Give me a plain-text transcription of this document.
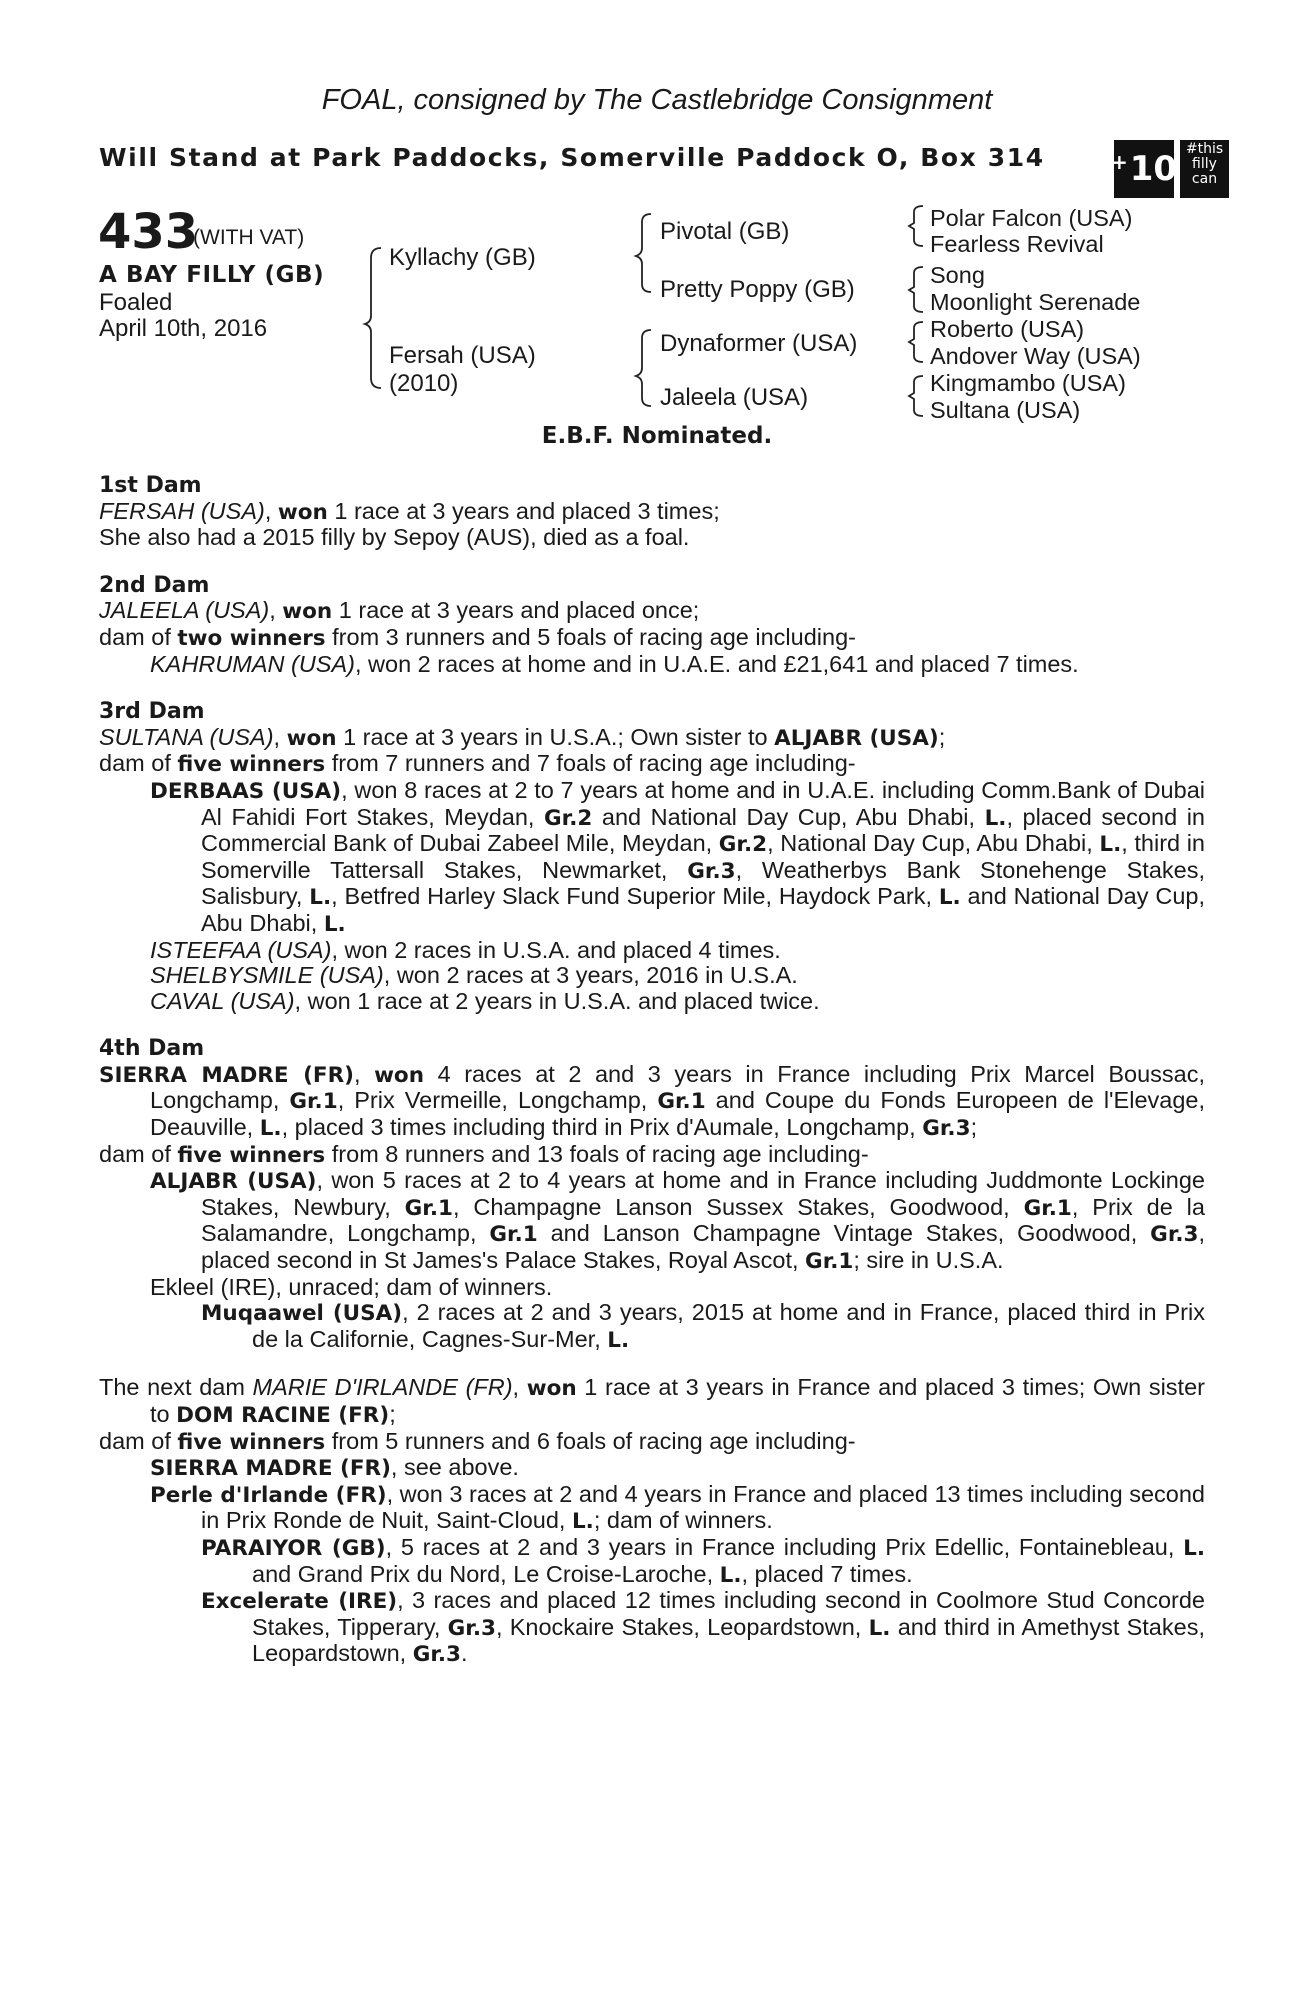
FOAL, consigned by The Castlebridge Consignment
Will Stand at Park Paddocks, Somerville Paddock O, Box 314	+ 10 #this
filly
can
433
(WITH VAT)
A BAY FILLY (GB)
Foaled
April 10th, 2016
Kyllachy (GB)
Fersah (USA)
(2010)
Pivotal (GB)
Pretty Poppy (GB)
Dynaformer (USA)
Jaleela (USA)
Polar Falcon (USA)
Fearless Revival
Song
Moonlight Serenade
Roberto (USA)
Andover Way (USA)
Kingmambo (USA)
Sultana (USA)
E.B.F. Nominated.

1st Dam

FERSAH (USA), won 1 race at 3 years and placed 3 times;

She also had a 2015 filly by Sepoy (AUS), died as a foal.

2nd Dam

JALEELA (USA), won 1 race at 3 years and placed once;

dam of two winners from 3 runners and 5 foals of racing age including-

KAHRUMAN (USA), won 2 races at home and in U.A.E. and £21,641 and placed 7 times.

3rd Dam

SULTANA (USA), won 1 race at 3 years in U.S.A.; Own sister to ALJABR (USA);

dam of five winners from 7 runners and 7 foals of racing age including-

DERBAAS (USA), won 8 races at 2 to 7 years at home and in U.A.E. including Comm.Bank of Dubai Al Fahidi Fort Stakes, Meydan, Gr.2 and National Day Cup, Abu Dhabi, L., placed second in Commercial Bank of Dubai Zabeel Mile, Meydan, Gr.2, National Day Cup, Abu Dhabi, L., third in Somerville Tattersall Stakes, Newmarket, Gr.3, Weatherbys Bank Stonehenge Stakes, Salisbury, L., Betfred Harley Slack Fund Superior Mile, Haydock Park, L. and National Day Cup, Abu Dhabi, L.

ISTEEFAA (USA), won 2 races in U.S.A. and placed 4 times.

SHELBYSMILE (USA), won 2 races at 3 years, 2016 in U.S.A.

CAVAL (USA), won 1 race at 2 years in U.S.A. and placed twice.

4th Dam

SIERRA MADRE (FR), won 4 races at 2 and 3 years in France including Prix Marcel Boussac, Longchamp, Gr.1, Prix Vermeille, Longchamp, Gr.1 and Coupe du Fonds Europeen de l'Elevage, Deauville, L., placed 3 times including third in Prix d'Aumale, Longchamp, Gr.3;

dam of five winners from 8 runners and 13 foals of racing age including-

ALJABR (USA), won 5 races at 2 to 4 years at home and in France including Juddmonte Lockinge Stakes, Newbury, Gr.1, Champagne Lanson Sussex Stakes, Goodwood, Gr.1, Prix de la Salamandre, Longchamp, Gr.1 and Lanson Champagne Vintage Stakes, Goodwood, Gr.3, placed second in St James's Palace Stakes, Royal Ascot, Gr.1; sire in U.S.A.

Ekleel (IRE), unraced; dam of winners.

Muqaawel (USA), 2 races at 2 and 3 years, 2015 at home and in France, placed third in Prix de la Californie, Cagnes-Sur-Mer, L.

The next dam MARIE D'IRLANDE (FR), won 1 race at 3 years in France and placed 3 times; Own sister to DOM RACINE (FR);

dam of five winners from 5 runners and 6 foals of racing age including-

SIERRA MADRE (FR), see above.

Perle d'Irlande (FR), won 3 races at 2 and 4 years in France and placed 13 times including second in Prix Ronde de Nuit, Saint-Cloud, L.; dam of winners.

PARAIYOR (GB), 5 races at 2 and 3 years in France including Prix Edellic, Fontainebleau, L. and Grand Prix du Nord, Le Croise-Laroche, L., placed 7 times.

Excelerate (IRE), 3 races and placed 12 times including second in Coolmore Stud Concorde Stakes, Tipperary, Gr.3, Knockaire Stakes, Leopardstown, L. and third in Amethyst Stakes, Leopardstown, Gr.3.
